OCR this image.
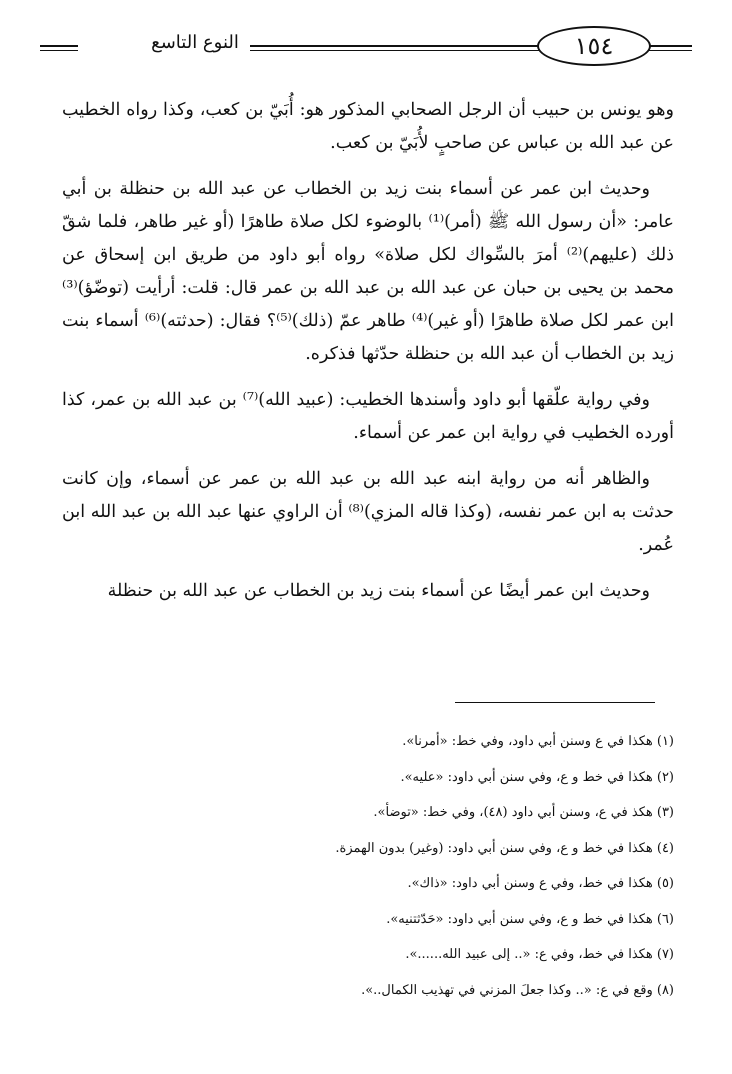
النوع التاسع	١٥٤

وهو يونس بن حبيب أن الرجل الصحابي المذكور هو: أُبَيّ بن كعب، وكذا رواه الخطيب عن عبد الله بن عباس عن صاحبٍ لأُبَيّ بن كعب.

وحديث ابن عمر عن أسماء بنت زيد بن الخطاب عن عبد الله بن حنظلة بن أبي عامر: «أن رسول الله ﷺ (أمر)⁽¹⁾ بالوضوء لكل صلاة طاهرًا (أو غير طاهر، فلما شقّ ذلك (عليهم)⁽²⁾ أمرَ بالسِّواك لكل صلاة» رواه أبو داود من طريق ابن إسحاق عن محمد بن يحيى بن حبان عن عبد الله بن عبد الله بن عمر قال: قلت: أرأيت (توضّؤ)⁽³⁾ ابن عمر لكل صلاة طاهرًا (أو غير)⁽⁴⁾ طاهر عمّ (ذلك)⁽⁵⁾؟ فقال: (حدثته)⁽⁶⁾ أسماء بنت زيد بن الخطاب أن عبد الله بن حنظلة حدّثها فذكره.

وفي رواية علّقها أبو داود وأسندها الخطيب: (عبيد الله)⁽⁷⁾ بن عبد الله بن عمر، كذا أورده الخطيب في رواية ابن عمر عن أسماء.

والظاهر أنه من رواية ابنه عبد الله بن عبد الله بن عمر عن أسماء، وإن كانت حدثت به ابن عمر نفسه، (وكذا قاله المزي)⁽⁸⁾ أن الراوي عنها عبد الله بن عبد الله ابن عُمر.

وحديث ابن عمر أيضًا عن أسماء بنت زيد بن الخطاب عن عبد الله بن حنظلة

(١) هكذا في ع وسنن أبي داود، وفي خط: «أمرنا».
(٢) هكذا في خط و ع، وفي سنن أبي داود: «عليه».
(٣) هكذ في ع، وسنن أبي داود (٤٨)، وفي خط: «توضأ».
(٤) هكذا في خط و ع، وفي سنن أبي داود: (وغير) بدون الهمزة.
(٥) هكذا في خط، وفي ع وسنن أبي داود: «ذاك».
(٦) هكذا في خط و ع، وفي سنن أبي داود: «حَدّثتنيه».
(٧) هكذا في خط، وفي ع: «.. إلى عبيد الله......».
(٨) وقع في ع: «.. وكذا جعلَ المزني في تهذيب الكمال..».
